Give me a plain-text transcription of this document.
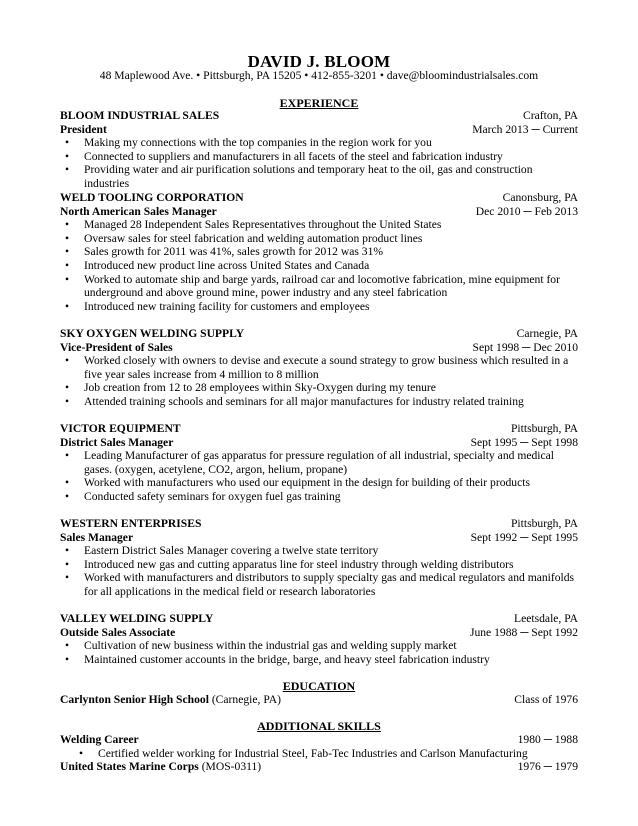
DAVID J. BLOOM
48 Maplewood Ave. • Pittsburgh, PA 15205 • 412-855-3201 • dave@bloomindustrialsales.com
EXPERIENCE
BLOOM INDUSTRIAL SALES	Crafton, PA
President	March 2013 ─ Current
• Making my connections with the top companies in the region work for you
• Connected to suppliers and manufacturers in all facets of the steel and fabrication industry
• Providing water and air purification solutions and temporary heat to the oil, gas and construction industries
WELD TOOLING CORPORATION	Canonsburg, PA
North American Sales Manager	Dec 2010 ─ Feb 2013
• Managed 28 Independent Sales Representatives throughout the United States
• Oversaw sales for steel fabrication and welding automation product lines
• Sales growth for 2011 was 41%, sales growth for 2012 was 31%
• Introduced new product line across United States and Canada
• Worked to automate ship and barge yards, railroad car and locomotive fabrication, mine equipment for underground and above ground mine, power industry and any steel fabrication
• Introduced new training facility for customers and employees
SKY OXYGEN WELDING SUPPLY	Carnegie, PA
Vice-President of Sales	Sept 1998 ─ Dec 2010
• Worked closely with owners to devise and execute a sound strategy to grow business which resulted in a five year sales increase from 4 million to 8 million
• Job creation from 12 to 28 employees within Sky-Oxygen during my tenure
• Attended training schools and seminars for all major manufactures for industry related training
VICTOR EQUIPMENT	Pittsburgh, PA
District Sales Manager	Sept 1995 ─ Sept 1998
• Leading Manufacturer of gas apparatus for pressure regulation of all industrial, specialty and medical gases. (oxygen, acetylene, CO2, argon, helium, propane)
• Worked with manufacturers who used our equipment in the design for building of their products
• Conducted safety seminars for oxygen fuel gas training
WESTERN ENTERPRISES	Pittsburgh, PA
Sales Manager	Sept 1992 ─ Sept 1995
• Eastern District Sales Manager covering a twelve state territory
• Introduced new gas and cutting apparatus line for steel industry through welding distributors
• Worked with manufacturers and distributors to supply specialty gas and medical regulators and manifolds for all applications in the medical field or research laboratories
VALLEY WELDING SUPPLY	Leetsdale, PA
Outside Sales Associate	June 1988 ─ Sept 1992
• Cultivation of new business within the industrial gas and welding supply market
• Maintained customer accounts in the bridge, barge, and heavy steel fabrication industry
EDUCATION
Carlynton Senior High School (Carnegie, PA)	Class of 1976
ADDITIONAL SKILLS
Welding Career	1980 ─ 1988
• Certified welder working for Industrial Steel, Fab-Tec Industries and Carlson Manufacturing
United States Marine Corps (MOS-0311)	1976 ─ 1979
